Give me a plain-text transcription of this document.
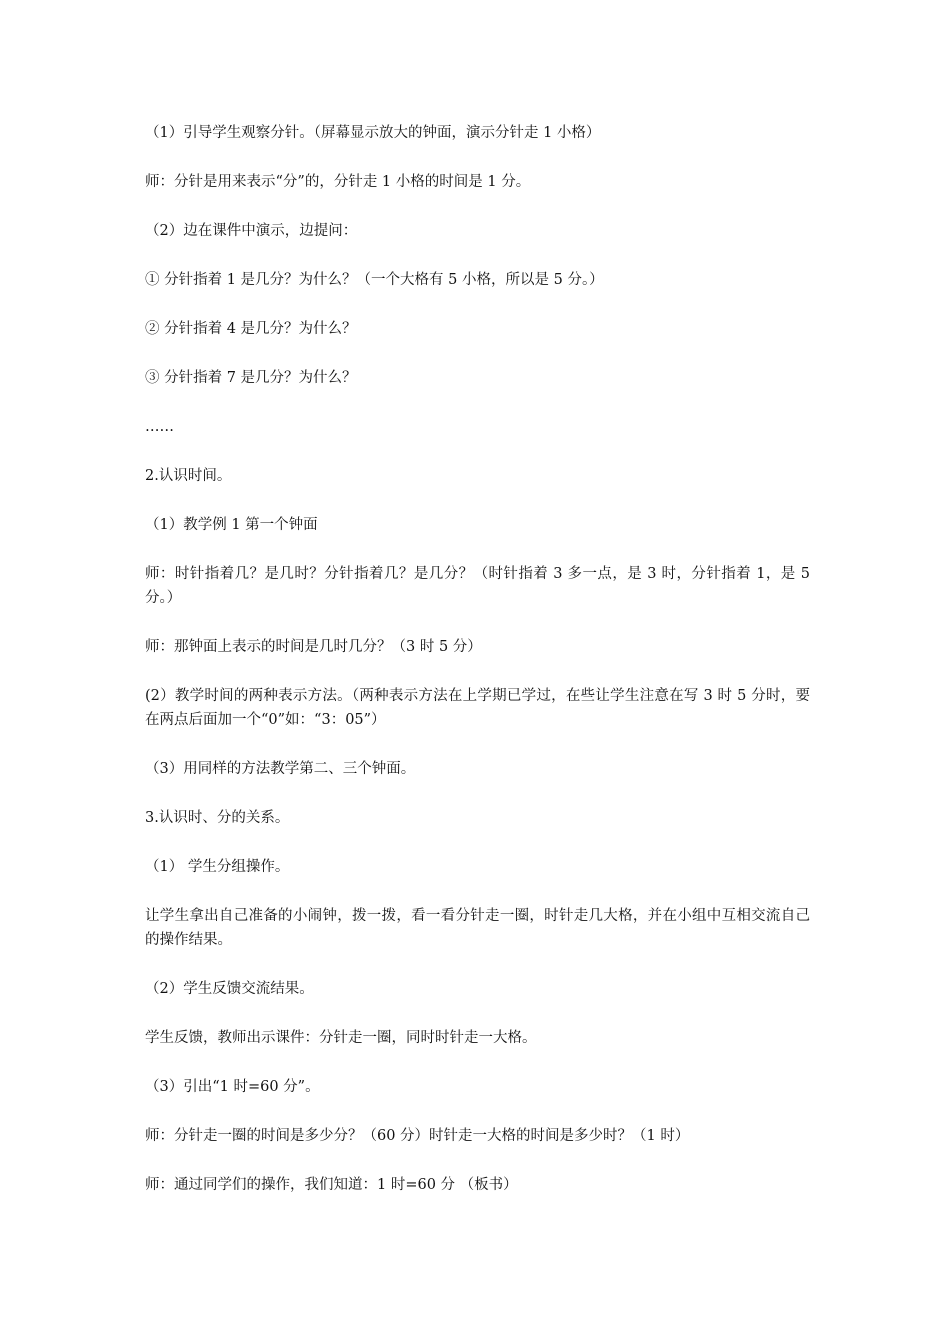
（1）引导学生观察分针。（屏幕显示放大的钟面，演示分针走 1 小格）

师：分针是用来表示“分”的，分针走 1 小格的时间是 1 分。

（2）边在课件中演示，边提问：

① 分针指着 1 是几分？为什么？（一个大格有 5 小格，所以是 5 分。）

② 分针指着 4 是几分？为什么？

③ 分针指着 7 是几分？为什么？

……

2.认识时间。

（1）教学例 1 第一个钟面

师：时针指着几？是几时？分针指着几？是几分？（时针指着 3 多一点，是 3 时，分针指着 1，是 5 分。）

师：那钟面上表示的时间是几时几分？（3 时 5 分）

(2）教学时间的两种表示方法。（两种表示方法在上学期已学过，在些让学生注意在写 3 时 5 分时，要在两点后面加一个“0”如：“3：05”）

（3）用同样的方法教学第二、三个钟面。

3.认识时、分的关系。

（1） 学生分组操作。

让学生拿出自己准备的小闹钟，拨一拨，看一看分针走一圈，时针走几大格，并在小组中互相交流自己的操作结果。

（2）学生反馈交流结果。

学生反馈，教师出示课件：分针走一圈，同时时针走一大格。

（3）引出“1 时=60 分”。

师：分针走一圈的时间是多少分？（60 分）时针走一大格的时间是多少时？（1 时）

师：通过同学们的操作，我们知道：1 时=60 分 （板书）
